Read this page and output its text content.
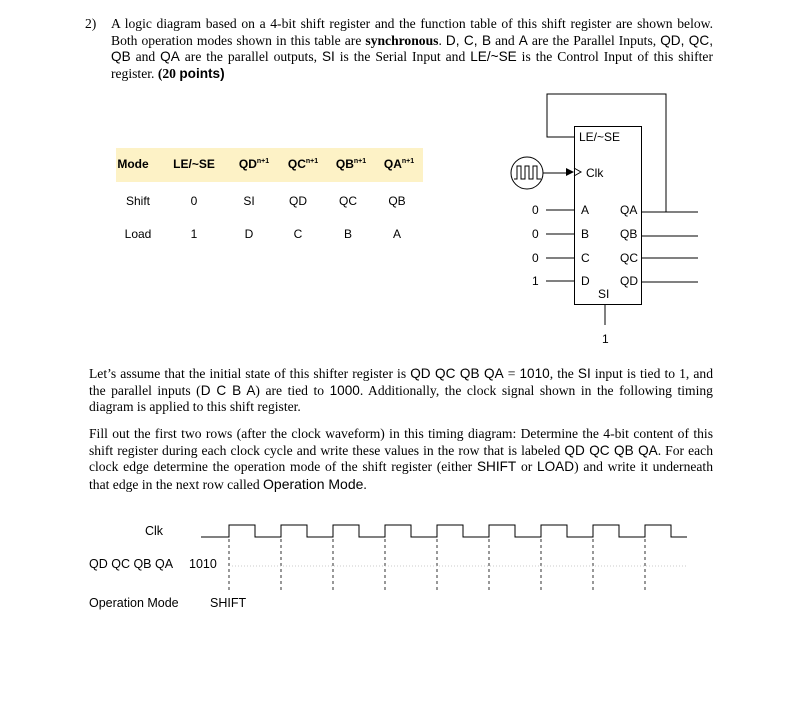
2) A logic diagram based on a 4-bit shift register and the function table of this shift register are shown below. Both operation modes shown in this table are synchronous. D, C, B and A are the Parallel Inputs, QD, QC, QB and QA are the parallel outputs, SI is the Serial Input and LE/~SE is the Control Input of this shifter register. (20 points)
Mode	LE/~SE	$QD^{n+1}$	$QC^{n+1}$	$QB^{n+1}$	$QA^{n+1}$
Shift	0	SI	QD	QC	QB
Load	1	D	C	B	A
LE/~SE
Clk
A
B
C
D
0
0
0
1
QA
QB
QC
QD
SI
1
Let’s assume that the initial state of this shifter register is QD QC QB QA = 1010, the SI input is tied to 1, and the parallel inputs (D C B A) are tied to 1000. Additionally, the clock signal shown in the following timing diagram is applied to this shift register.
Fill out the first two rows (after the clock waveform) in this timing diagram: Determine the 4-bit content of this shift register during each clock cycle and write these values in the row that is labeled QD QC QB QA. For each clock edge determine the operation mode of the shift register (either SHIFT or LOAD) and write it underneath that edge in the next row called Operation Mode.
Clk
QD QC QB QA 1010
Operation Mode	SHIFT
